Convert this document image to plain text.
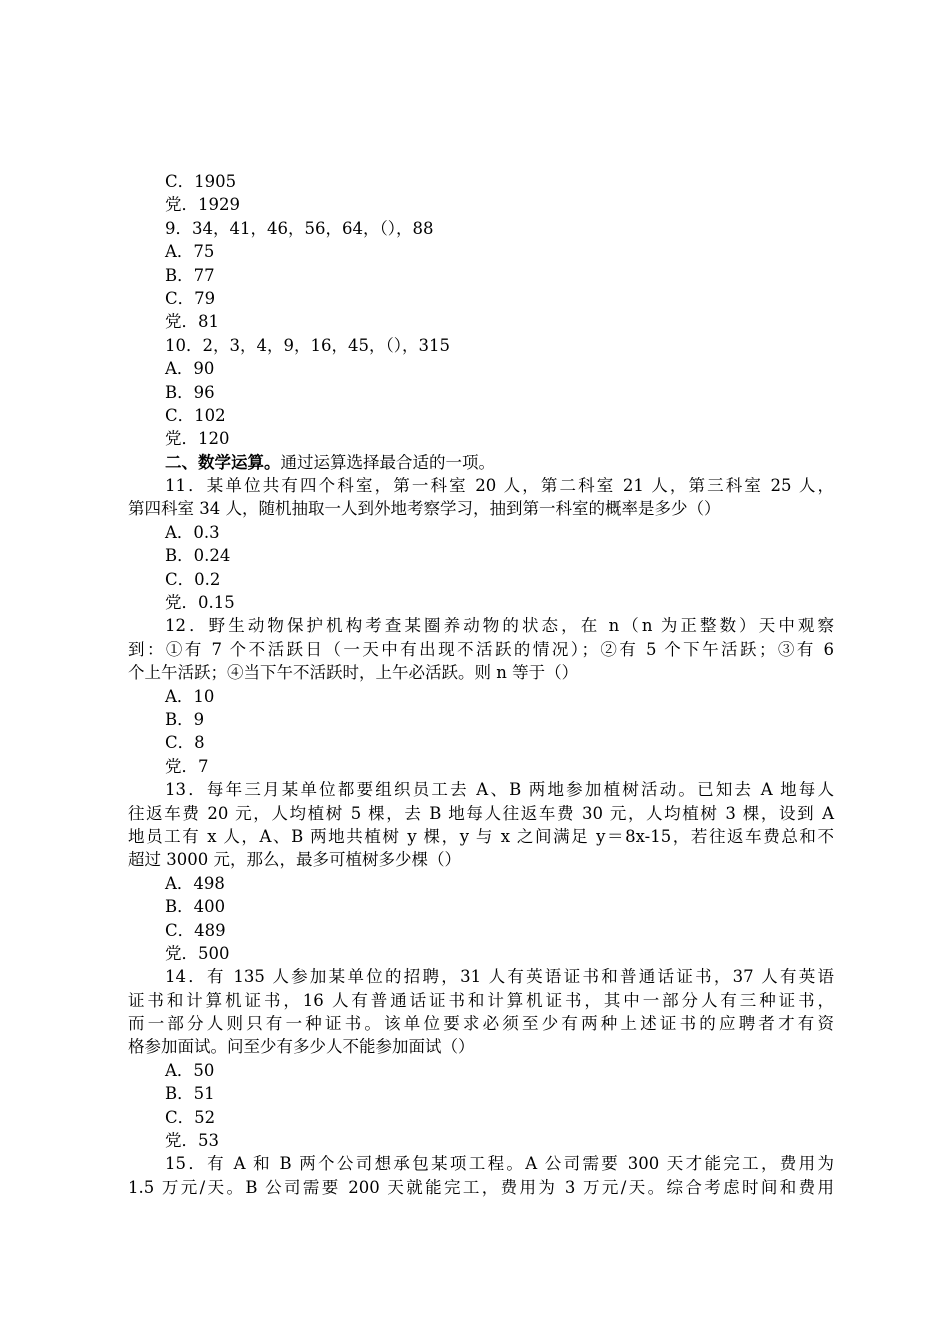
C．1905
党．1929
9．34，41，46，56，64，（），88
A．75
B．77
C．79
党．81
10．2，3，4，9，16，45，（），315
A．90
B．96
C．102
党．120
二、数学运算。通过运算选择最合适的一项。
11．某单位共有四个科室，第一科室 20 人，第二科室 21 人，第三科室 25 人，
第四科室 34 人，随机抽取一人到外地考察学习，抽到第一科室的概率是多少（）
A．0.3
B．0.24
C．0.2
党．0.15
12．野生动物保护机构考查某圈养动物的状态，在 n（n 为正整数）天中观察
到：①有 7 个不活跃日（一天中有出现不活跃的情况）；②有 5 个下午活跃；③有 6
个上午活跃；④当下午不活跃时，上午必活跃。则 n 等于（）
A．10
B．9
C．8
党．7
13．每年三月某单位都要组织员工去 A、B 两地参加植树活动。已知去 A 地每人
往返车费 20 元，人均植树 5 棵，去 B 地每人往返车费 30 元，人均植树 3 棵，设到 A
地员工有 x 人，A、B 两地共植树 y 棵，y 与 x 之间满足 y＝8x-15，若往返车费总和不
超过 3000 元，那么，最多可植树多少棵（）
A．498
B．400
C．489
党．500
14．有 135 人参加某单位的招聘，31 人有英语证书和普通话证书，37 人有英语
证书和计算机证书，16 人有普通话证书和计算机证书，其中一部分人有三种证书，
而一部分人则只有一种证书。该单位要求必须至少有两种上述证书的应聘者才有资
格参加面试。问至少有多少人不能参加面试（）
A．50
B．51
C．52
党．53
15．有 A 和 B 两个公司想承包某项工程。A 公司需要 300 天才能完工，费用为
1.5 万元/天。B 公司需要 200 天就能完工，费用为 3 万元/天。综合考虑时间和费用
